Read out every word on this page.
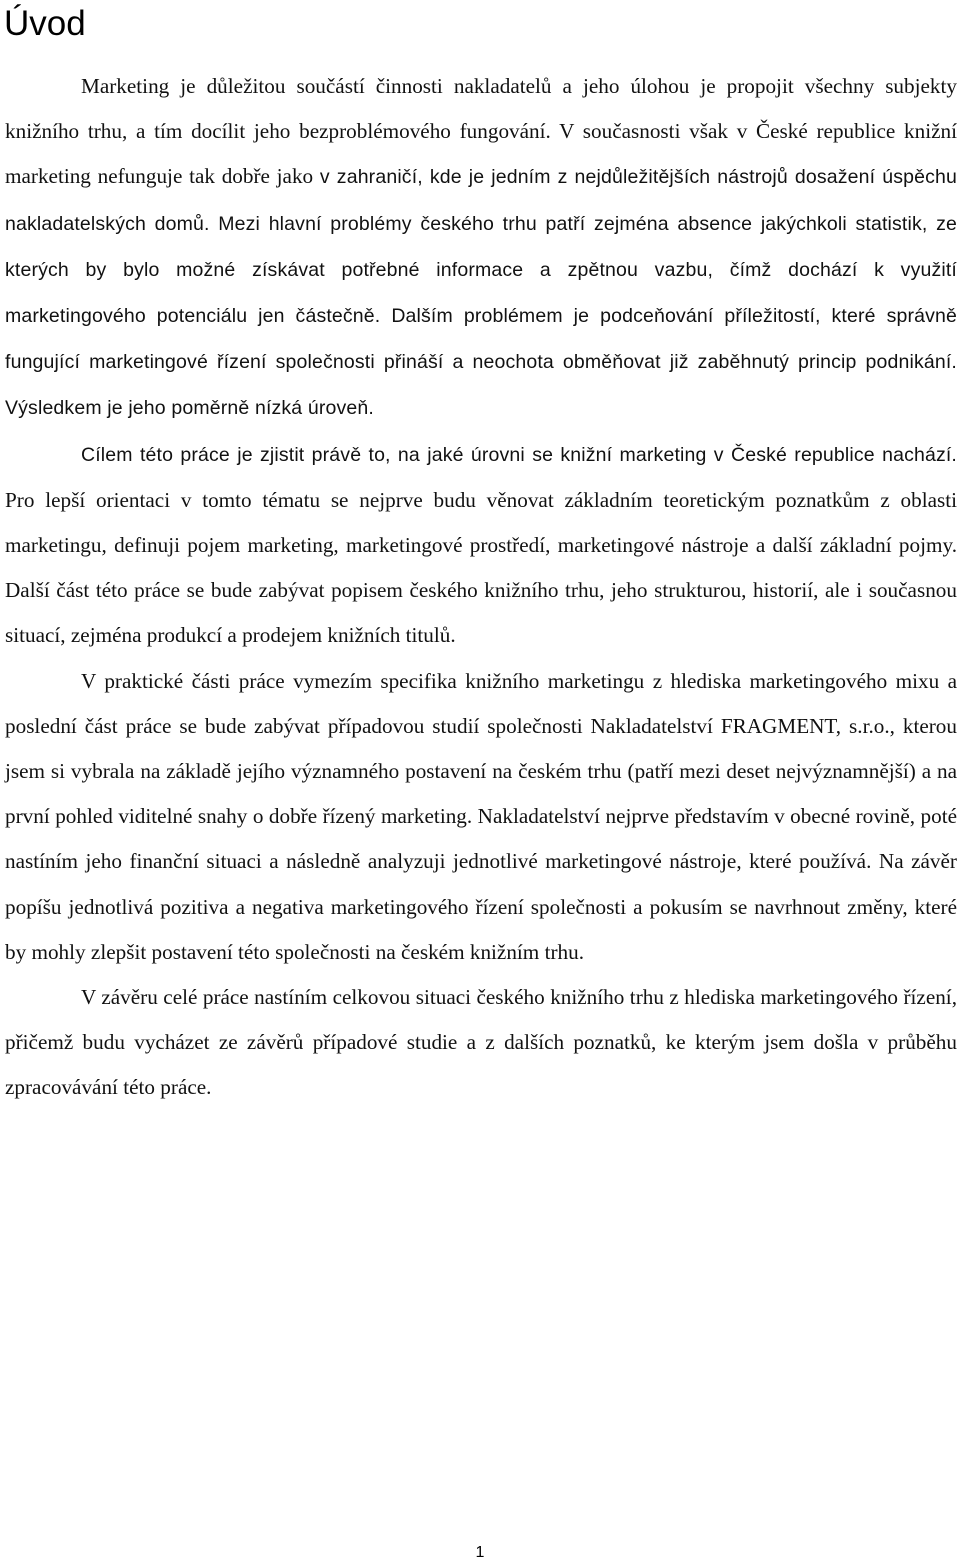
Úvod

Marketing je důležitou součástí činnosti nakladatelů a jeho úlohou je propojit všechny subjekty knižního trhu, a tím docílit jeho bezproblémového fungování. V současnosti však v České republice knižní marketing nefunguje tak dobře jako v zahraničí, kde je jedním z nejdůležitějších nástrojů dosažení úspěchu nakladatelských domů. Mezi hlavní problémy českého trhu patří zejména absence jakýchkoli statistik, ze kterých by bylo možné získávat potřebné informace a zpětnou vazbu, čímž dochází k využití marketingového potenciálu jen částečně. Dalším problémem je podceňování příležitostí, které správně fungující marketingové řízení společnosti přináší a neochota obměňovat již zaběhnutý princip podnikání. Výsledkem je jeho poměrně nízká úroveň.

Cílem této práce je zjistit právě to, na jaké úrovni se knižní marketing v České republice nachází. Pro lepší orientaci v tomto tématu se nejprve budu věnovat základním teoretickým poznatkům z oblasti marketingu, definuji pojem marketing, marketingové prostředí, marketingové nástroje a další základní pojmy. Další část této práce se bude zabývat popisem českého knižního trhu, jeho strukturou, historií, ale i současnou situací, zejména produkcí a prodejem knižních titulů.

V praktické části práce vymezím specifika knižního marketingu z hlediska marketingového mixu a poslední část práce se bude zabývat případovou studií společnosti Nakladatelství FRAGMENT, s.r.o., kterou jsem si vybrala na základě jejího významného postavení na českém trhu (patří mezi deset nejvýznamnější) a na první pohled viditelné snahy o dobře řízený marketing. Nakladatelství nejprve představím v obecné rovině, poté nastíním jeho finanční situaci a následně analyzuji jednotlivé marketingové nástroje, které používá. Na závěr popíšu jednotlivá pozitiva a negativa marketingového řízení společnosti a pokusím se navrhnout změny, které by mohly zlepšit postavení této společnosti na českém knižním trhu.

V závěru celé práce nastíním celkovou situaci českého knižního trhu z hlediska marketingového řízení, přičemž budu vycházet ze závěrů případové studie a z dalších poznatků, ke kterým jsem došla v průběhu zpracovávání této práce.

1
